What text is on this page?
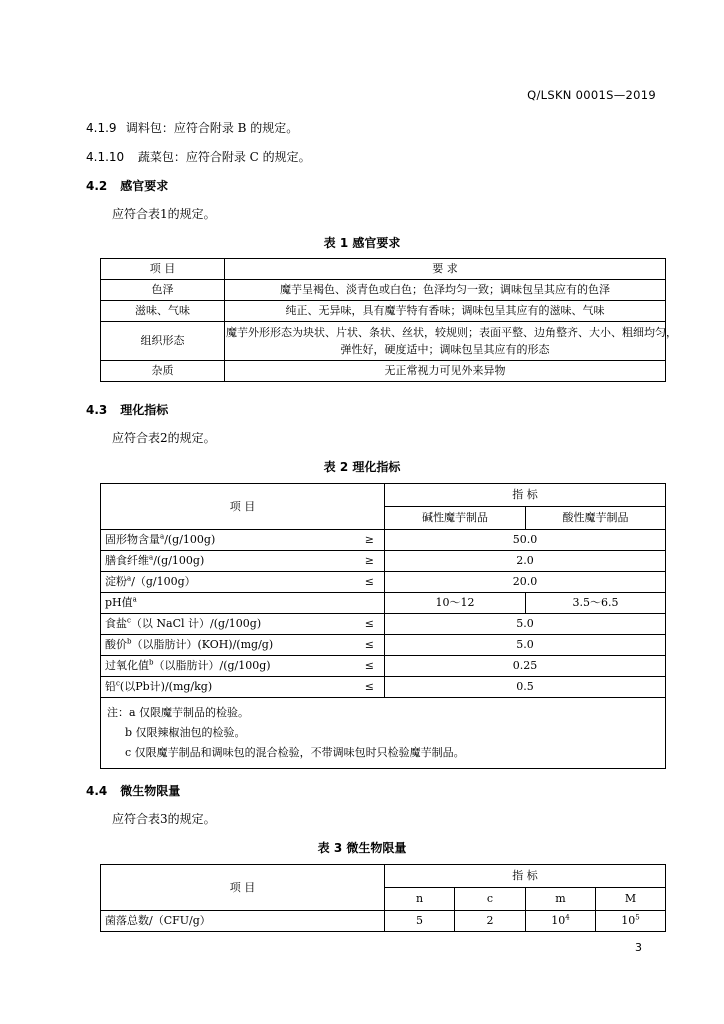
Q/LSKN 0001S—2019
4.1.9 调料包：应符合附录 B 的规定。
4.1.10 蔬菜包：应符合附录 C 的规定。
4.2 感官要求
应符合表1的规定。
表 1 感官要求
项 目	要 求
色泽	魔芋呈褐色、淡青色或白色；色泽均匀一致；调味包呈其应有的色泽
滋味、气味	纯正、无异味，具有魔芋特有香味；调味包呈其应有的滋味、气味
组织形态	魔芋外形形态为块状、片状、条状、丝状，较规则；表面平整、边角整齐、大小、粗细均匀，
弹性好，硬度适中；调味包呈其应有的形态

杂质	无正常视力可见外来异物
4.3 理化指标
应符合表2的规定。
表 2 理化指标
项 目	指 标	
	碱性魔芋制品	酸性魔芋制品
固形物含量$^a$/(g/100g) ≥	50.0	
膳食纤维$^a$/(g/100g) ≥	2.0	
淀粉$^a$/（g/100g） ≤	20.0	
pH值$^a$	10～12	3.5～6.5
食盐$^c$（以 NaCl 计）/(g/100g) ≤	5.0	
酸价$^b$（以脂肪计）(KOH)/(mg/g) ≤	5.0	
过氧化值$^b$（以脂肪计）/(g/100g) ≤	0.25	
铅$^c$(以Pb计)/(mg/kg) ≤	0.5	

注：a 仅限魔芋制品的检验。
b 仅限辣椒油包的检验。
c 仅限魔芋制品和调味包的混合检验，不带调味包时只检验魔芋制品。		
4.4 微生物限量
应符合表3的规定。
表 3 微生物限量
项 目	指 标			
	n	c	m	M
菌落总数/（CFU/g）	5	2	$10^4$	$10^5$
3
